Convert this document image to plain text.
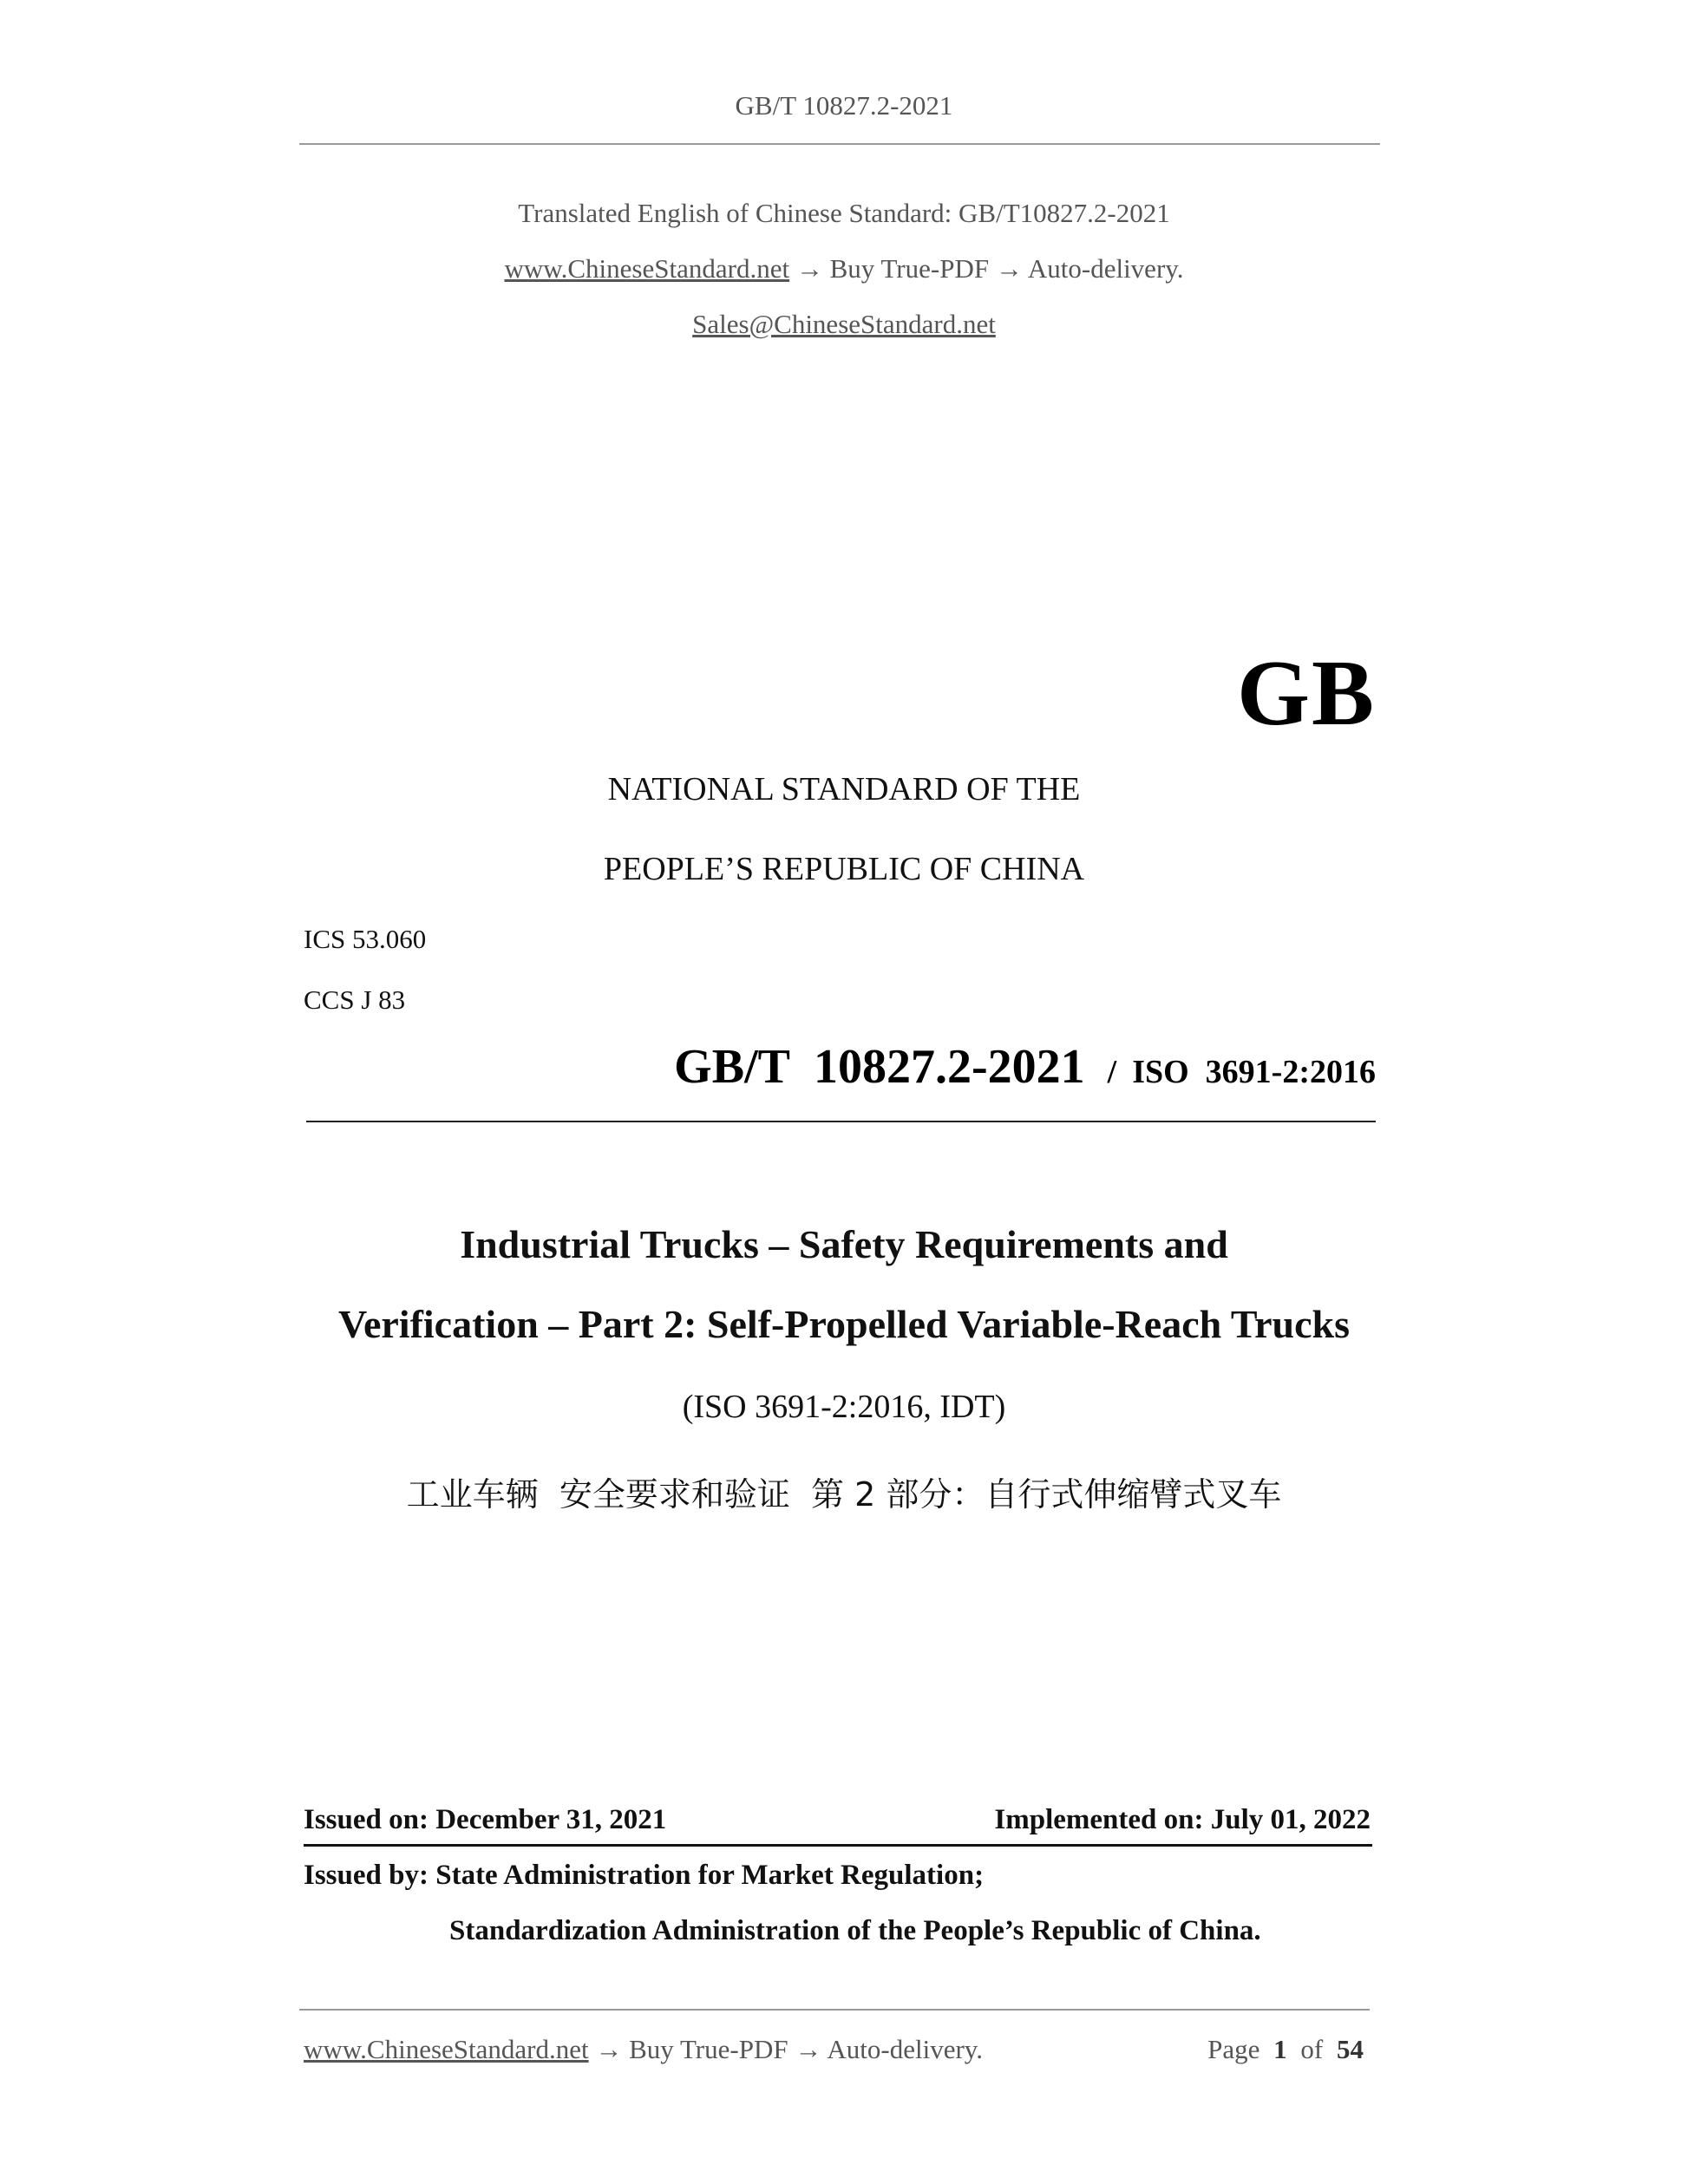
GB/T 10827.2-2021
Translated English of Chinese Standard: GB/T10827.2-2021
www.ChineseStandard.net → Buy True-PDF → Auto-delivery.
Sales@ChineseStandard.net
GB
NATIONAL STANDARD OF THE
PEOPLE’S REPUBLIC OF CHINA
ICS 53.060
CCS J 83
GB/T  10827.2-2021 / ISO  3691-2:2016
Industrial Trucks – Safety Requirements and
Verification – Part 2: Self-Propelled Variable-Reach Trucks
(ISO 3691-2:2016, IDT)
工业车辆  安全要求和验证  第 2 部分：自行式伸缩臂式叉车
Issued on: December 31, 2021	Implemented on: July 01, 2022
Issued by: State Administration for Market Regulation;
Standardization Administration of the People’s Republic of China.
www.ChineseStandard.net → Buy True-PDF → Auto-delivery.	Page 1 of 54
